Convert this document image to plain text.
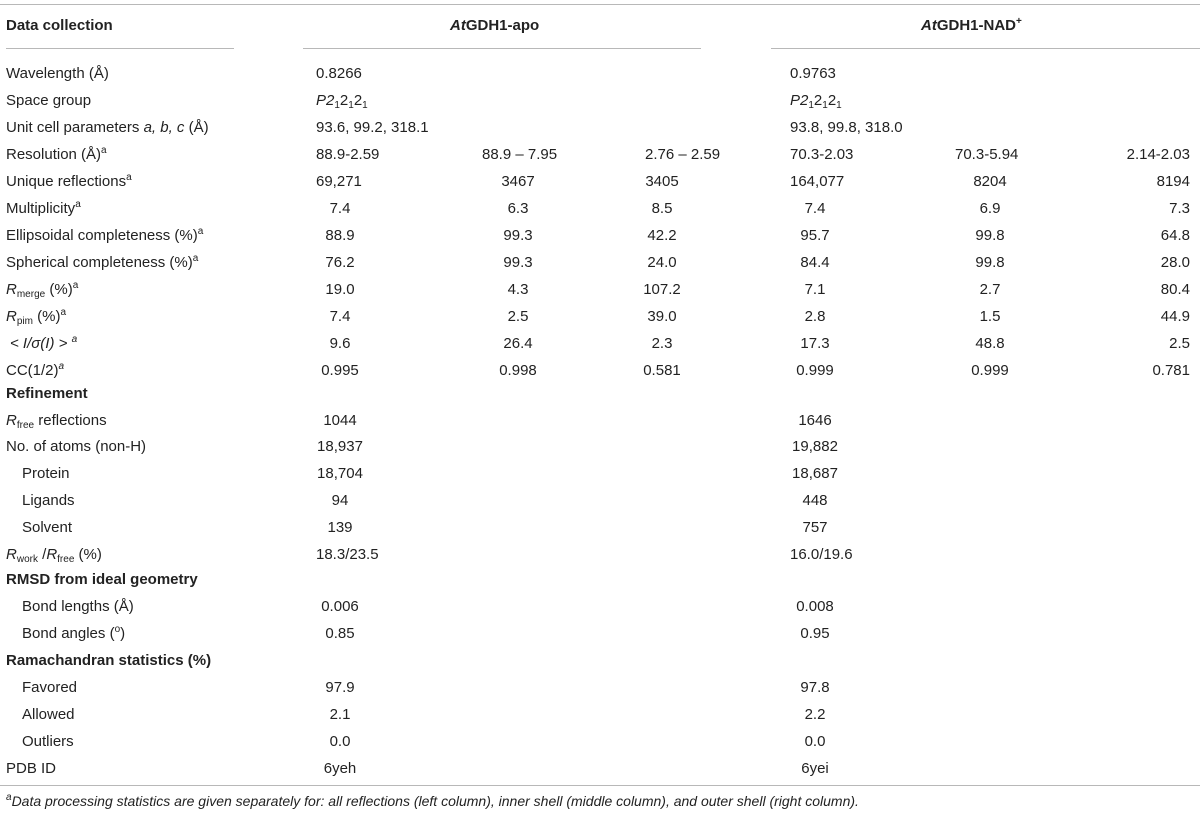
Data collection	AtGDH1-apo	AtGDH1-NAD+
Wavelength (Å)	0.8266	0.9763
Space group	$P2_12_12_1$	$P2_12_12_1$
Unit cell parameters a, b, c (Å)	93.6, 99.2, 318.1	93.8, 99.8, 318.0
Resolution (Å)$^a$	88.9-2.59	88.9 – 7.95	2.76 – 2.59	70.3-2.03	70.3-5.94	2.14-2.03
Unique reflections$^a$	69,271	3467	3405	164,077	8204	8194
Multiplicity$^a$	7.4	6.3	8.5	7.4	6.9	7.3
Ellipsoidal completeness (%)$^a$	88.9	99.3	42.2	95.7	99.8	64.8
Spherical completeness (%)$^a$	76.2	99.3	24.0	84.4	99.8	28.0
$R_{merge}$ (%)$^a$	19.0	4.3	107.2	7.1	2.7	80.4
$R_{pim}$ (%)$^a$	7.4	2.5	39.0	2.8	1.5	44.9
< I/σ(I) > $^a$	9.6	26.4	2.3	17.3	48.8	2.5
$CC(1/2)^a$	0.995	0.998	0.581	0.999	0.999	0.781
Refinement
$R_{free}$ reflections	1044	1646
No. of atoms (non-H)	18,937	19,882
Protein	18,704	18,687
Ligands	94	448
Solvent	139	757
$R_{work}$ $/R_{free}$ (%)	18.3/23.5	16.0/19.6
RMSD from ideal geometry
Bond lengths (Å)	0.006	0.008
Bond angles ($^o$)	0.85	0.95
Ramachandran statistics (%)
Favored	97.9	97.8
Allowed	2.1	2.2
Outliers	0.0	0.0
PDB ID	6yeh	6yei
$^a$Data processing statistics are given separately for: all reflections (left column), inner shell (middle column), and outer shell (right column).
